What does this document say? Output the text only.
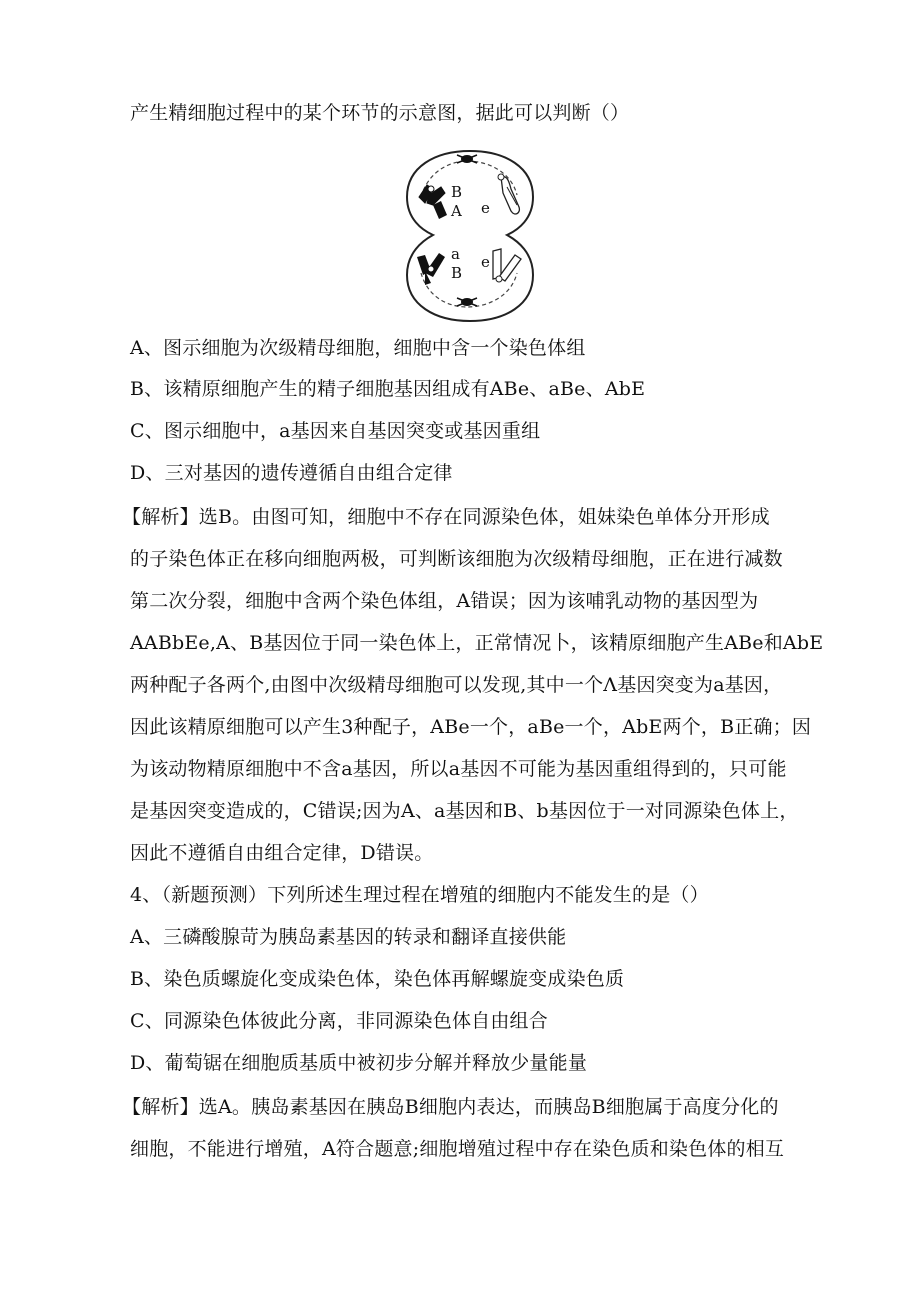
产生精细胞过程中的某个环节的示意图，据此可以判断（）
B
A e
a
B
e
A、图示细胞为次级精母细胞，细胞中含一个染色体组
B、该精原细胞产生的精子细胞基因组成有ABe、aBe、AbE
C、图示细胞中，a基因来自基因突变或基因重组
D、三对基因的遗传遵循自由组合定律
【解析】选B。由图可知，细胞中不存在同源染色体，姐妹染色单体分开形成
的子染色体正在移向细胞两极，可判断该细胞为次级精母细胞，正在进行减数
第二次分裂，细胞中含两个染色体组，A错误；因为该哺乳动物的基因型为
AABbEe,A、B基因位于同一染色体上，正常情况卜，该精原细胞产生ABe和AbE
两种配子各两个,由图中次级精母细胞可以发现,其中一个Λ基因突变为a基因，
因此该精原细胞可以产生3种配子，ABe一个，aBe一个，AbE两个，B正确；因
为该动物精原细胞中不含a基因，所以a基因不可能为基因重组得到的，只可能
是基因突变造成的，C错误;因为A、a基因和B、b基因位于一对同源染色体上，
因此不遵循自由组合定律，D错误。
4、（新题预测）下列所述生理过程在增殖的细胞内不能发生的是（）
A、三磷酸腺苛为胰岛素基因的转录和翻译直接供能
B、染色质螺旋化变成染色体，染色体再解螺旋变成染色质
C、同源染色体彼此分离，非同源染色体自由组合
D、葡萄锯在细胞质基质中被初步分解并释放少量能量
【解析】选A。胰岛素基因在胰岛B细胞内表达，而胰岛B细胞属于高度分化的
细胞，不能进行增殖，A符合题意;细胞增殖过程中存在染色质和染色体的相互
